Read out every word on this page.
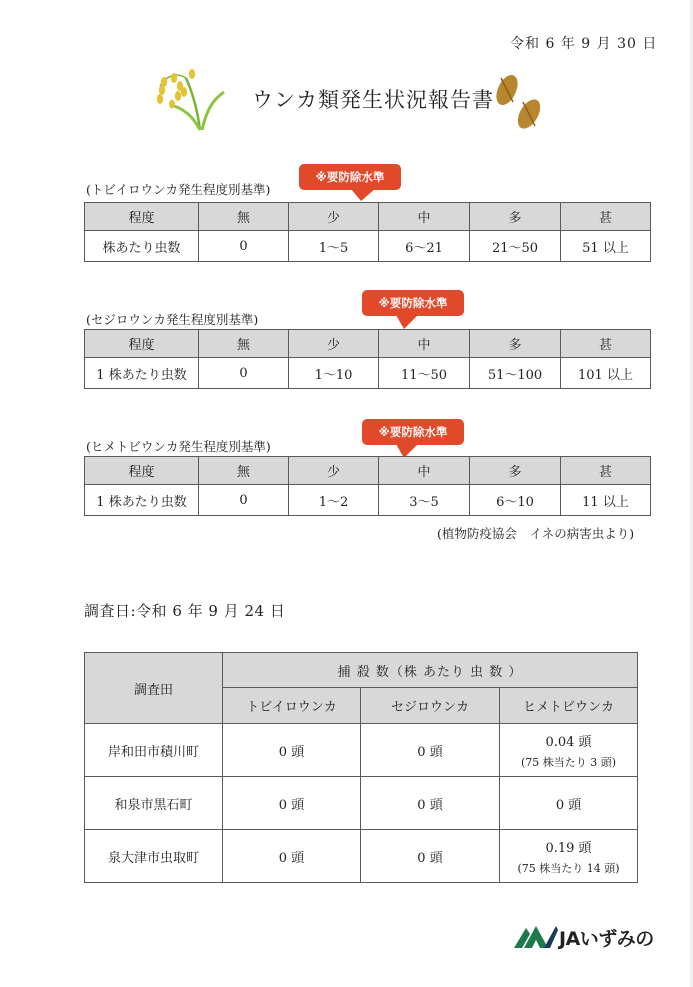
令和 6 年 9 月 30 日
ウンカ類発生状況報告書
(トビイロウンカ発生程度別基準)
※要防除水準
程度	無	少	中	多	甚
株あたり虫数	0	1〜5	6〜21	21〜50	51 以上
(セジロウンカ発生程度別基準)
※要防除水準
程度	無	少	中	多	甚
1 株あたり虫数	0	1〜10	11〜50	51〜100	101 以上
(ヒメトビウンカ発生程度別基準)
※要防除水準
程度	無	少	中	多	甚
1 株あたり虫数	0	1〜2	3〜5	6〜10	11 以上
(植物防疫協会　イネの病害虫より)
調査日:令和 6 年 9 月 24 日
調査田	捕 殺 数（株 あたり 虫 数 ）		
	トビイロウンカ	セジロウンカ	ヒメトビウンカ
岸和田市積川町	0 頭	0 頭	0.04 頭
(75 株当たり 3 頭)

和泉市黒石町	0 頭	0 頭	0 頭
泉大津市虫取町	0 頭	0 頭	0.19 頭
(75 株当たり 14 頭)
JAいずみの
